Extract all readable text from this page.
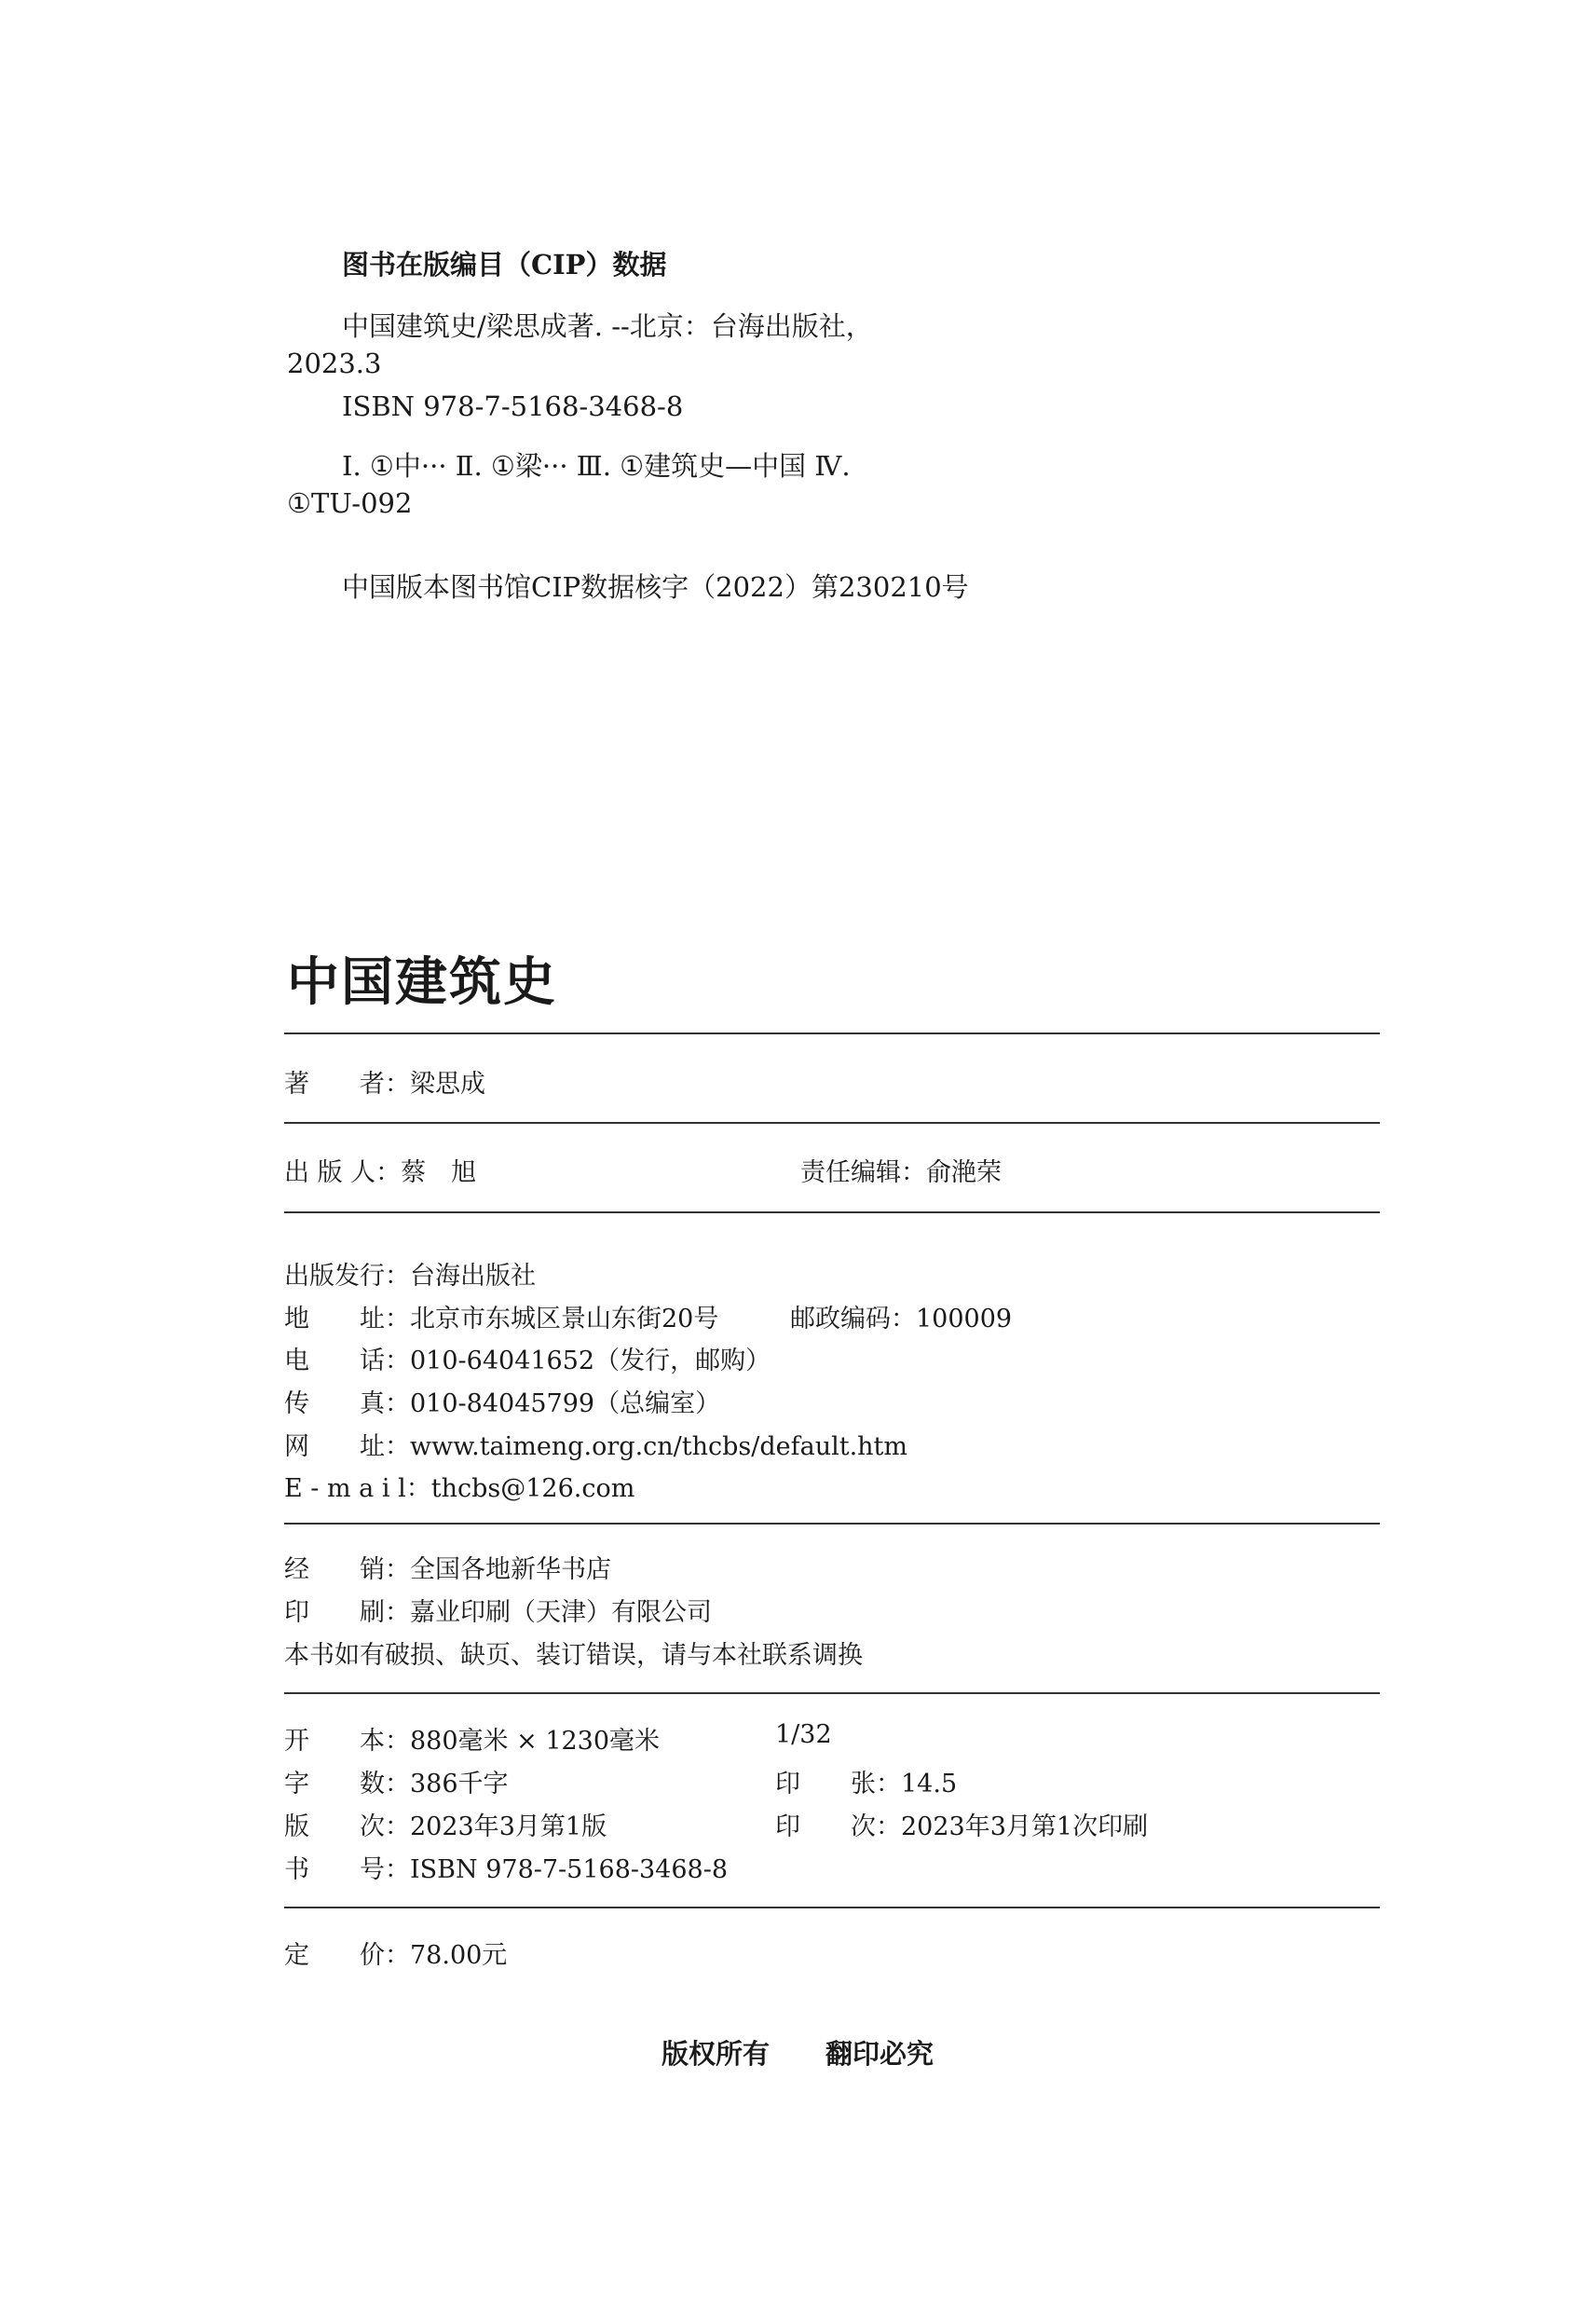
图书在版编目（CIP）数据
中国建筑史/梁思成著. --北京：台海出版社，
2023.3
ISBN 978-7-5168-3468-8
Ⅰ. ①中··· Ⅱ. ①梁··· Ⅲ. ①建筑史—中国 Ⅳ.
①TU-092
中国版本图书馆CIP数据核字（2022）第230210号
中国建筑史
著　　者：梁思成
出 版 人：蔡　旭	责任编辑：俞滟荣
出版发行：台海出版社
地　　址：北京市东城区景山东街20号	邮政编码：100009
电　　话：010-64041652（发行，邮购）
传　　真：010-84045799（总编室）
网　　址：www.taimeng.org.cn/thcbs/default.htm
E - m a i l：thcbs@126.com
经　　销：全国各地新华书店
印　　刷：嘉业印刷（天津）有限公司
本书如有破损、缺页、装订错误，请与本社联系调换
开　　本：880毫米 × 1230毫米	1/32
字　　数：386千字	印　　张：14.5
版　　次：2023年3月第1版	印　　次：2023年3月第1次印刷
书　　号：ISBN 978-7-5168-3468-8
定　　价：78.00元
版权所有 翻印必究
